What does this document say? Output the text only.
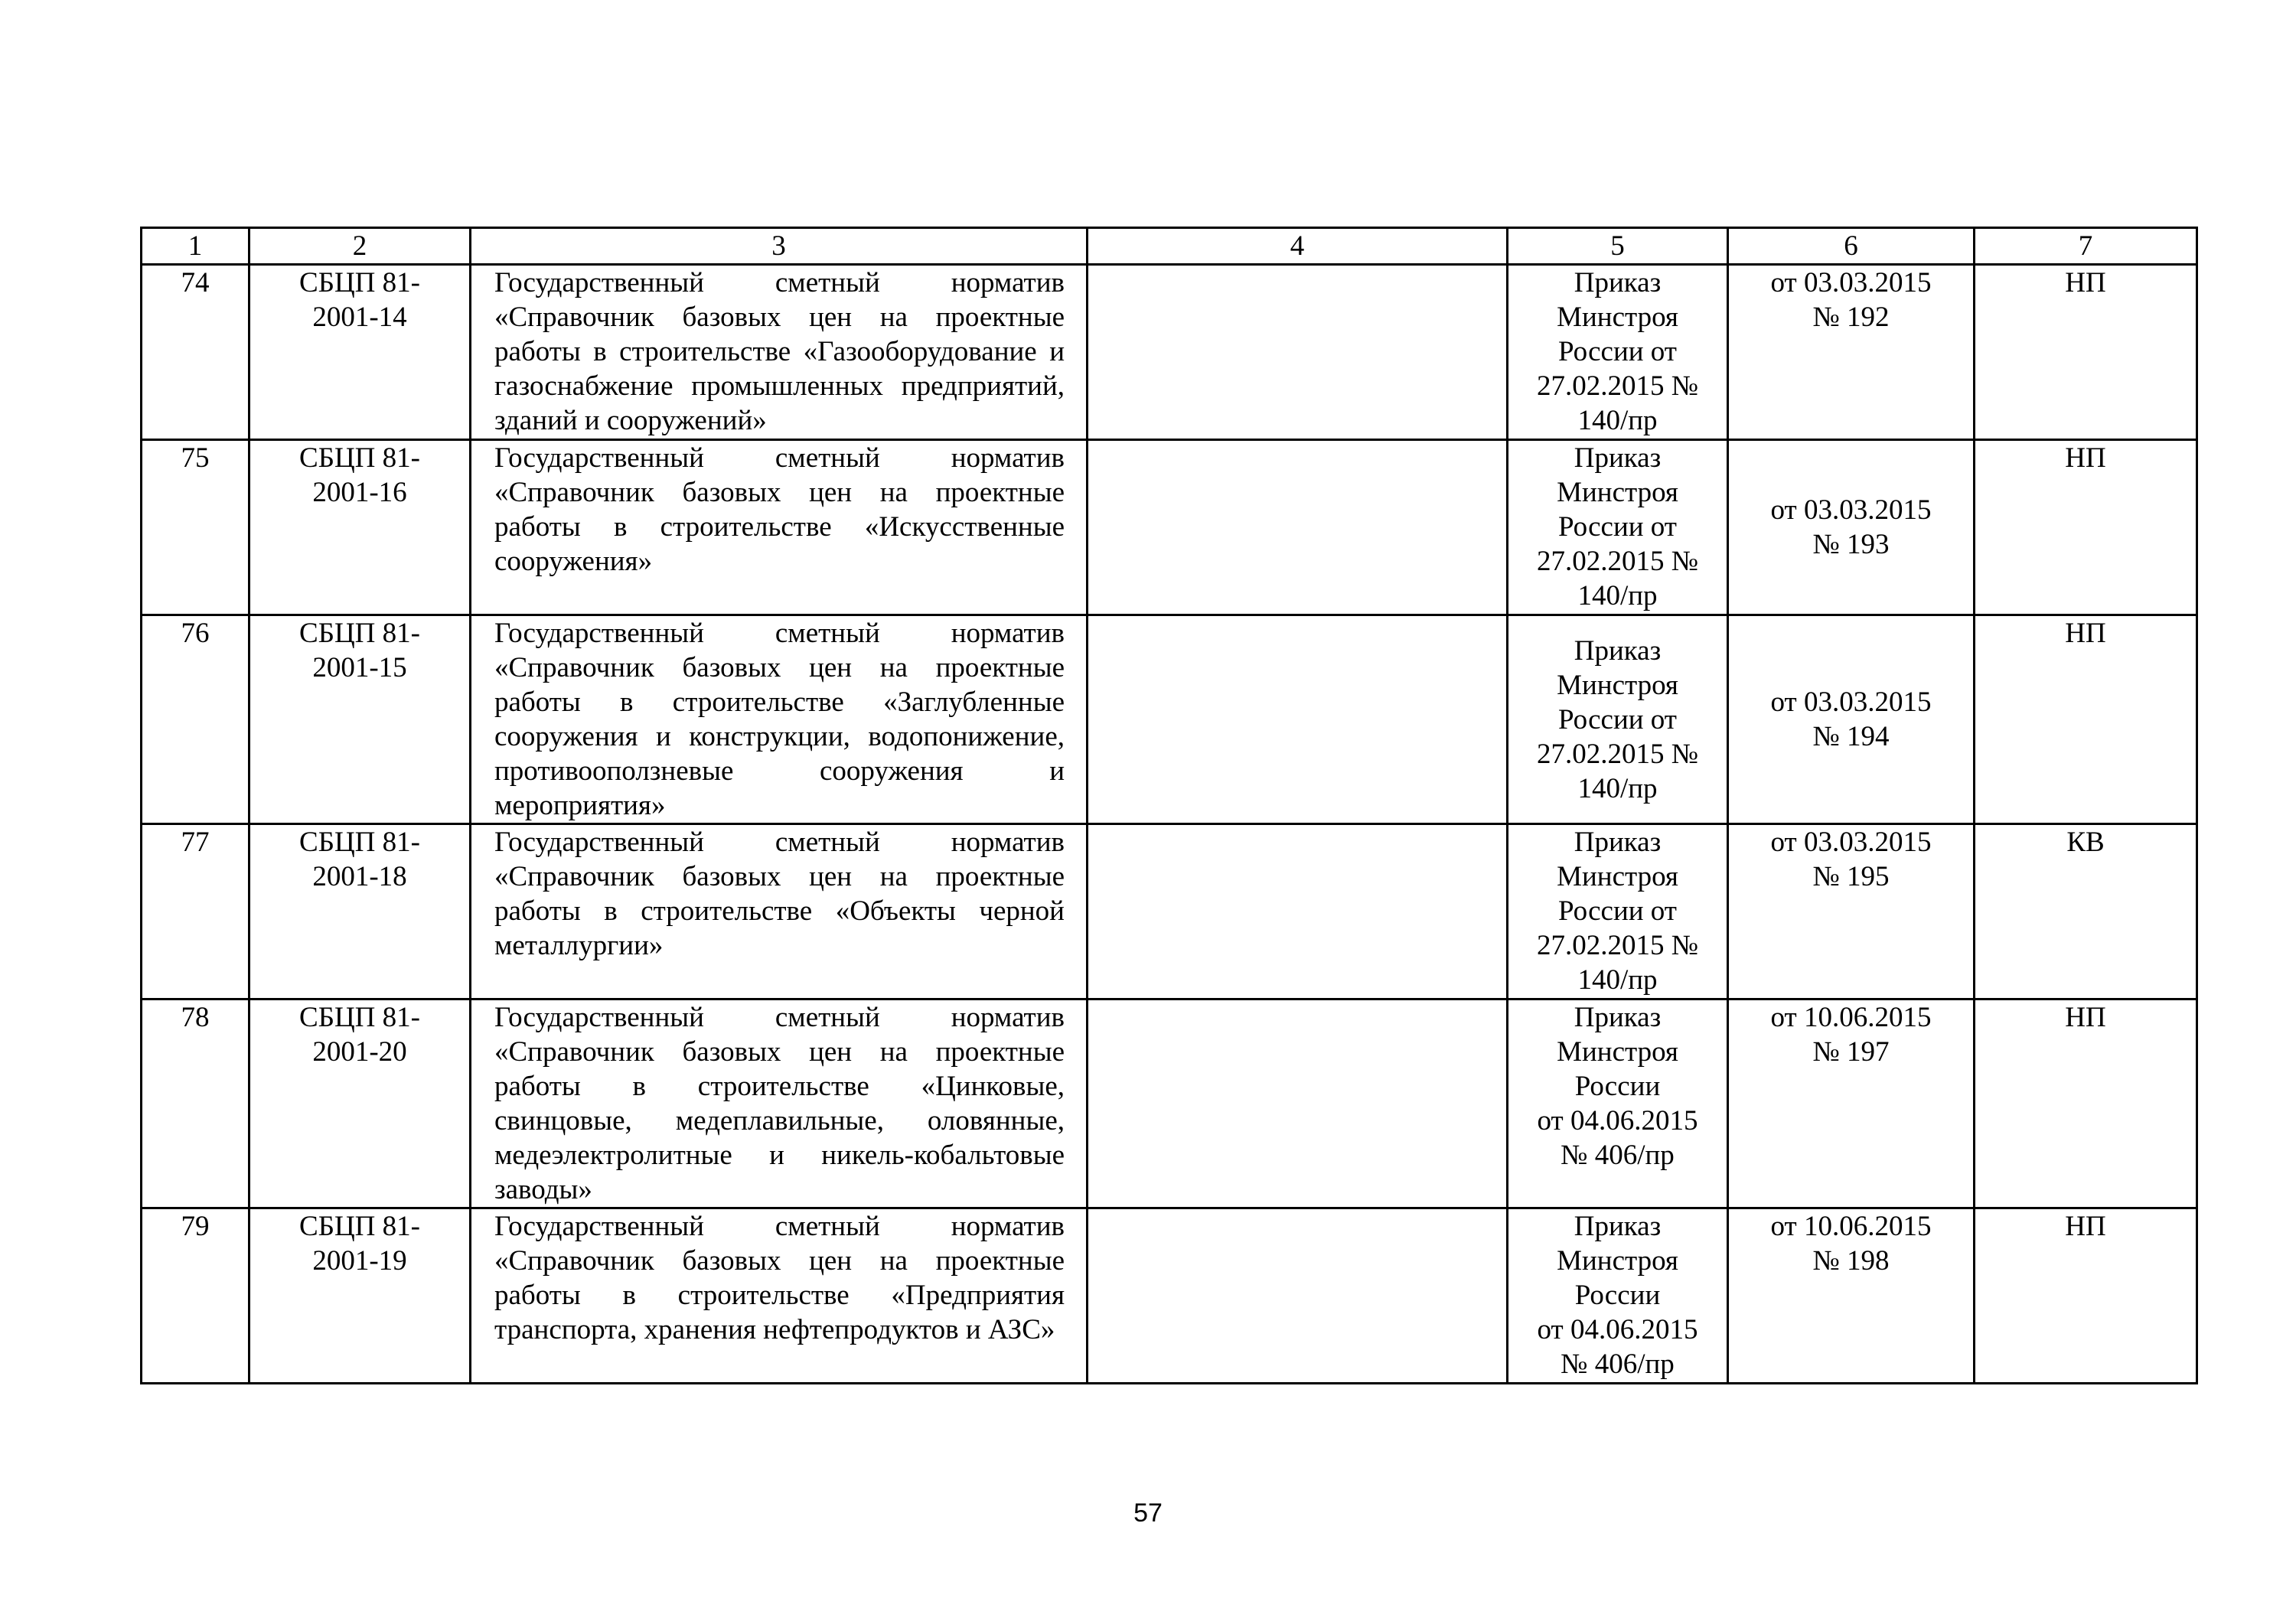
1	2	3	4	5	6	7

74	СБЦП 81-
2001-14	Государственный сметный норматив «Справочник базовых цен на проектные работы в строительстве «Газооборудование и газоснабжение промышленных предприятий, зданий и сооружений»		Приказ
Минстроя
России от
27.02.2015 №
140/пр	от 03.03.2015
№ 192	НП

75	СБЦП 81-
2001-16	Государственный сметный норматив «Справочник базовых цен на проектные работы в строительстве «Искусственные сооружения»		Приказ
Минстроя
России от
27.02.2015 №
140/пр	от 03.03.2015
№ 193	НП

76	СБЦП 81-
2001-15	Государственный сметный норматив «Справочник базовых цен на проектные работы в строительстве «Заглубленные сооружения и конструкции, водопонижение, противооползневые сооружения и мероприятия»		Приказ
Минстроя
России от
27.02.2015 №
140/пр	от 03.03.2015
№ 194	НП

77	СБЦП 81-
2001-18	Государственный сметный норматив «Справочник базовых цен на проектные работы в строительстве «Объекты черной металлургии»		Приказ
Минстроя
России от
27.02.2015 №
140/пр	от 03.03.2015
№ 195	КВ

78	СБЦП 81-
2001-20	Государственный сметный норматив «Справочник базовых цен на проектные работы в строительстве «Цинковые, свинцовые, медеплавильные, оловянные, медеэлектролитные и никель-кобальтовые заводы»		Приказ
Минстроя
России
от 04.06.2015
№ 406/пр	от 10.06.2015
№ 197	НП

79	СБЦП 81-
2001-19	Государственный сметный норматив «Справочник базовых цен на проектные работы в строительстве «Предприятия транспорта, хранения нефтепродуктов и АЗС»		Приказ
Минстроя
России
от 04.06.2015
№ 406/пр	от 10.06.2015
№ 198	НП
57
